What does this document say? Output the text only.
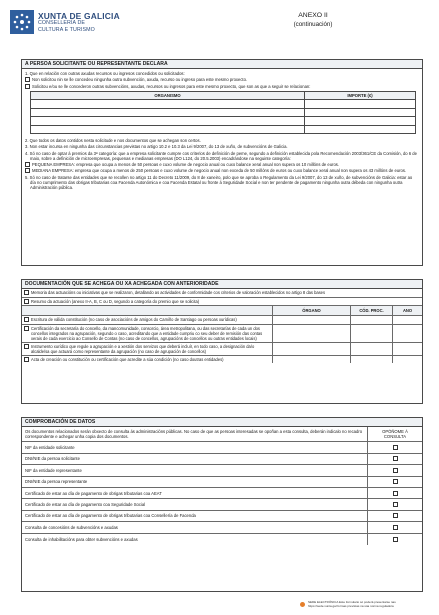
XUNTA DE GALICIA
CONSELLERÍA DE
CULTURA E TURISMO
ANEXO II
(continuación)
A PERSOA SOLICITANTE OU REPRESENTANTE DECLARA
1. Que en relación con outras axudas recursos ou ingresos concedidos ou solicitados:
Non solicitou nin se lle concedeu ningunha outra subvención, axuda, recurso ou ingreso para este mesmo proxecto.
Solicitou e/ou se lle concederon outras subvencións, axudas, recursos ou ingresos para este mesmo proxecto, que son as que a seguir se relacionan:
ORGANISMO	IMPORTE (€)

2. Que todos os datos contidos nesta solicitude e nos documentos que se achegan son certos.
3. Non estar incursa en ningunha das circunstancias previstas no artigo 10.2 e 10.3 da Lei 9/2007, do 13 de xuño, de subvencións de Galicia.
4. Só no caso de optar á premios da 3ª categoría: que a empresa solicitante cumpre cos criterios de definición de peme, segundo a definición establecida pola Recomendación 2003/361/CE da Comisión, do 6 de maio, sobre a definición de microempresas, pequenas e medianas empresas (DO L124, do 20.5.2003) encadrándose na seguinte categoría:
PEQUENA EMPRESA: empresa que ocupa a menos de 50 persoas e cuxo volume de negocio anual ou cuxo balance xeral anual non supera os 10 millóns de euros.
MEDIANA EMPRESA: empresa que ocupa a menos de 250 persoas e cuxo volume de negocio anual non exceda de 50 millóns de euros ou cuxo balance xeral anual non supera os 43 millóns de euros.
5. Só no caso de tratarse das entidades que se recollen no artigo 11 do Decreto 11/2009, do 8 de xaneiro, polo que se aproba o Regulamento da Lei 9/2007, do 13 de xuño, de subvencións de Galicia: estar ao día no cumprimento das obrigas tributarias coa Facenda Autonómica e coa Facenda Estatal ou fronte á Seguridade Social e non ter pendente de pagamento ningunha outra débeda con ningunha outra Administración pública.
DOCUMENTACIÓN QUE SE ACHEGA OU XA ACHEGADA CON ANTERIORIDADE
Memoria das actuacións ou iniciativas que se realizaron, detallando as actividades de conformidade cos criterios de valoración establecidos no artigo 8 das bases
Resumo da actuación (anexo II-A, B, C ou D, segundo a categoría do premio que se solicita)
ÓRGANO	CÓD. PROC.	ANO
Escritura de válida constitución (no caso de asociacións de amigos do Camiño de Santiago ou persoas xurídicas)
Certificación da secretaría do concello, da mancomunidade, consorcio, área metropolitana, ou das secretarías de cada un dos concellos integrados na agrupación, segundo o caso, acreditando que a entidade cumpriu co seu deber de remisión das contas xerais de cada exercicio ao Consello de Contas (no caso de concellos, agrupacións de concellos ou outras entidades locais)
Instrumento xurídico que regule a agrupación e a xestión dos servizos que deberá incluír, en todo caso, a designación da/o alcalde/sa que actuará como representante da agrupación (no caso de agrupación de concellos)
Acta de creación ou constitución ou certificación que acredite a súa condición (no caso doutras entidades)
COMPROBACIÓN DE DATOS
Os documentos relacionados serán obxecto de consulta ás administracións públicas. No caso de que as persoas interesadas se opoñan a esta consulta, deberán indicalo no recadro correspondente e achegar unha copia dos documentos.
OPÓÑOME Á
CONSULTA
NIF da entidade solicitante
DNI/NIE da persoa solicitante
NIF da entidade representante
DNI/NIE da persoa representante
Certificado de estar ao día de pagamento de obrigas tributarias coa AEAT
Certificado de estar ao día de pagamento coa Seguridade Social
Certificado de estar ao día de pagamento de obrigas tributarias coa Consellería de Facenda
Consulta de concesións de subvencións e axudas
Consulta de inhabilitacións para obter subvencións e axudas
SEDE ELECTRÓNICA Este formulario só poderá presentarse nas
https://sede.xunta.gal formas previstas na súa norma reguladora
